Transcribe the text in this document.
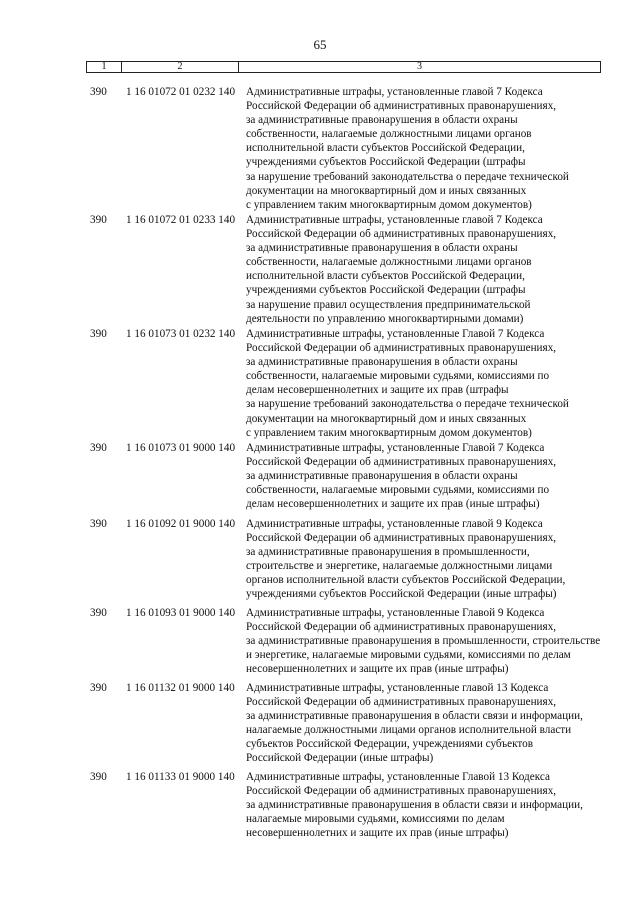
65
1	2	3
390 1 16 01072 01 0232 140 Административные штрафы, установленные главой 7 Кодекса
Российской Федерации об административных правонарушениях,
за административные правонарушения в области охраны
собственности, налагаемые должностными лицами органов
исполнительной власти субъектов Российской Федерации,
учреждениями субъектов Российской Федерации (штрафы
за нарушение требований законодательства о передаче технической
документации на многоквартирный дом и иных связанных
с управлением таким многоквартирным домом документов)
390 1 16 01072 01 0233 140 Административные штрафы, установленные главой 7 Кодекса
Российской Федерации об административных правонарушениях,
за административные правонарушения в области охраны
собственности, налагаемые должностными лицами органов
исполнительной власти субъектов Российской Федерации,
учреждениями субъектов Российской Федерации (штрафы
за нарушение правил осуществления предпринимательской
деятельности по управлению многоквартирными домами)
390 1 16 01073 01 0232 140 Административные штрафы, установленные Главой 7 Кодекса
Российской Федерации об административных правонарушениях,
за административные правонарушения в области охраны
собственности, налагаемые мировыми судьями, комиссиями по
делам несовершеннолетних и защите их прав (штрафы
за нарушение требований законодательства о передаче технической
документации на многоквартирный дом и иных связанных
с управлением таким многоквартирным домом документов)
390 1 16 01073 01 9000 140 Административные штрафы, установленные Главой 7 Кодекса
Российской Федерации об административных правонарушениях,
за административные правонарушения в области охраны
собственности, налагаемые мировыми судьями, комиссиями по
делам несовершеннолетних и защите их прав (иные штрафы)
390 1 16 01092 01 9000 140 Административные штрафы, установленные главой 9 Кодекса
Российской Федерации об административных правонарушениях,
за административные правонарушения в промышленности,
строительстве и энергетике, налагаемые должностными лицами
органов исполнительной власти субъектов Российской Федерации,
учреждениями субъектов Российской Федерации (иные штрафы)
390 1 16 01093 01 9000 140 Административные штрафы, установленные Главой 9 Кодекса
Российской Федерации об административных правонарушениях,
за административные правонарушения в промышленности, строительстве
и энергетике, налагаемые мировыми судьями, комиссиями по делам
несовершеннолетних и защите их прав (иные штрафы)
390 1 16 01132 01 9000 140 Административные штрафы, установленные главой 13 Кодекса
Российской Федерации об административных правонарушениях,
за административные правонарушения в области связи и информации,
налагаемые должностными лицами органов исполнительной власти
субъектов Российской Федерации, учреждениями субъектов
Российской Федерации (иные штрафы)
390 1 16 01133 01 9000 140 Административные штрафы, установленные Главой 13 Кодекса
Российской Федерации об административных правонарушениях,
за административные правонарушения в области связи и информации,
налагаемые мировыми судьями, комиссиями по делам
несовершеннолетних и защите их прав (иные штрафы)
